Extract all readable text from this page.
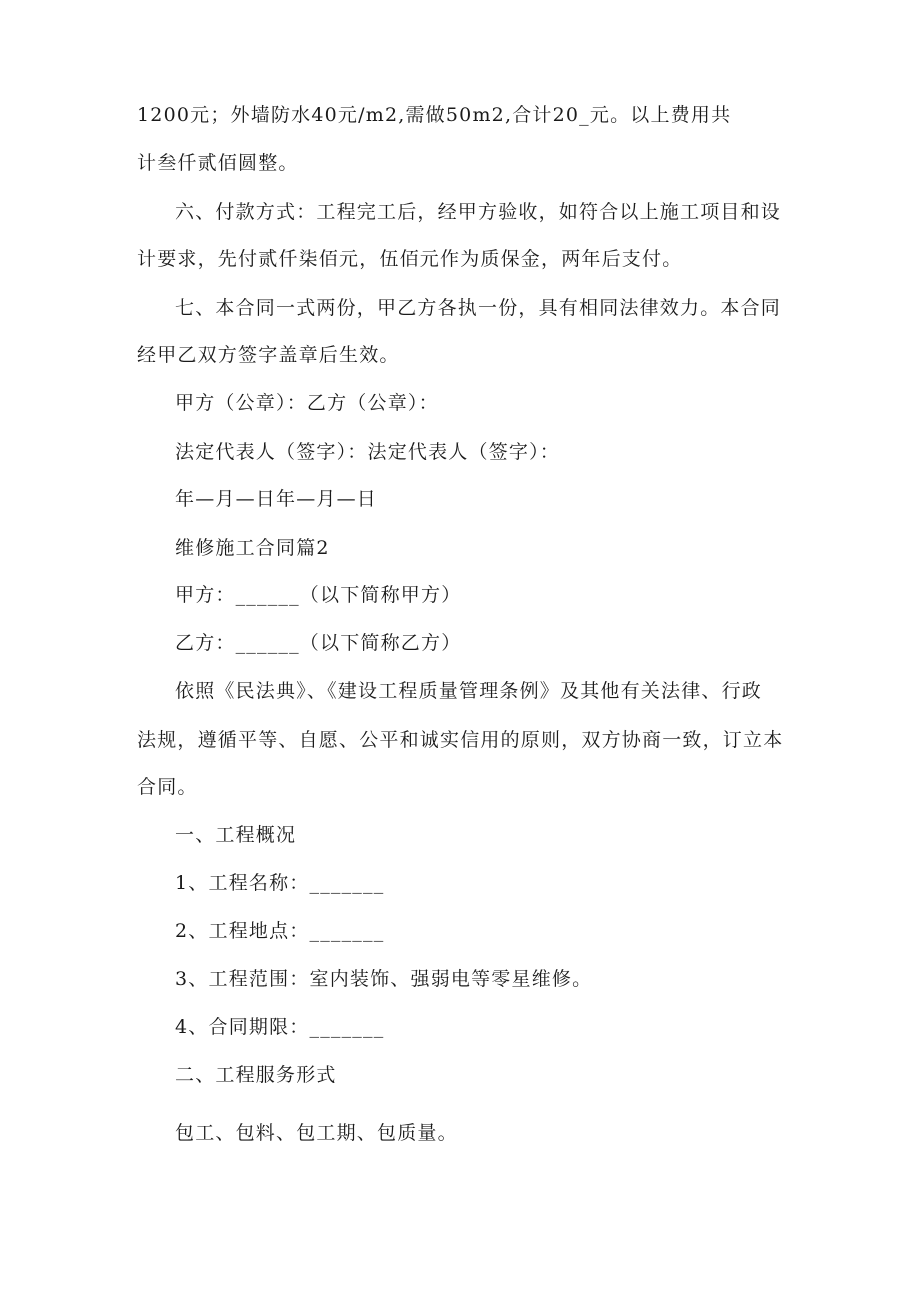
1200元；外墙防水40元/m2,需做50m2,合计20_元。以上费用共
计叁仟贰佰圆整。
六、付款方式：工程完工后，经甲方验收，如符合以上施工项目和设
计要求，先付贰仟柒佰元，伍佰元作为质保金，两年后支付。
七、本合同一式两份，甲乙方各执一份，具有相同法律效力。本合同
经甲乙双方签字盖章后生效。
甲方（公章）：乙方（公章）：
法定代表人（签字）：法定代表人（签字）：
年—月—日年—月—日
维修施工合同篇2
甲方：______（以下简称甲方）
乙方：______（以下简称乙方）
依照《民法典》、《建设工程质量管理条例》及其他有关法律、行政
法规，遵循平等、自愿、公平和诚实信用的原则，双方协商一致，订立本
合同。
一、工程概况
1、工程名称：_______
2、工程地点：_______
3、工程范围：室内装饰、强弱电等零星维修。
4、合同期限：_______
二、工程服务形式
包工、包料、包工期、包质量。
